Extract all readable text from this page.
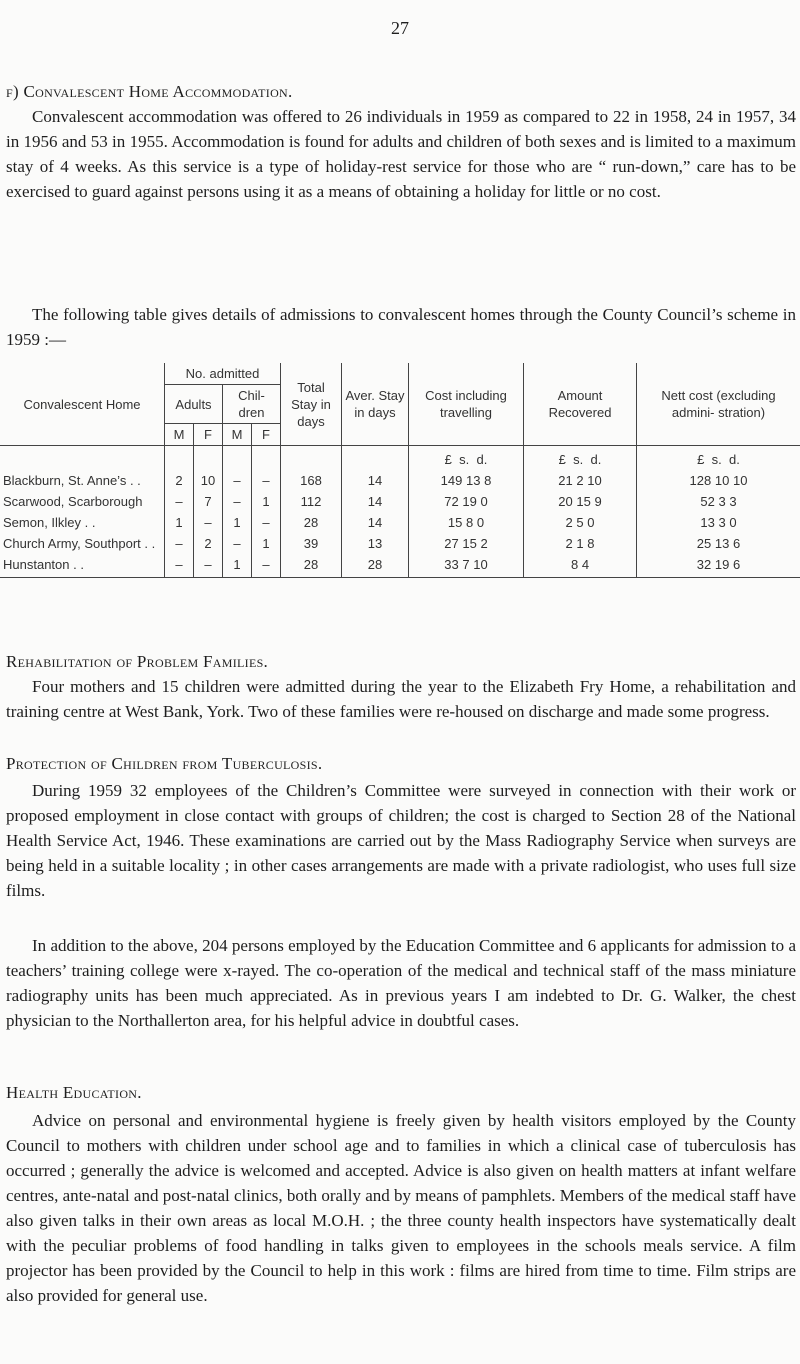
27
f) Convalescent Home Accommodation.
Convalescent accommodation was offered to 26 individuals in 1959 as compared to 22 in 1958, 24 in 1957, 34 in 1956 and 53 in 1955. Accommodation is found for adults and children of both sexes and is limited to a maximum stay of 4 weeks. As this service is a type of holiday-rest service for those who are “ run-down,” care has to be exercised to guard against persons using it as a means of obtaining a holiday for little or no cost.
The following table gives details of admissions to convalescent homes through the County Council’s scheme in 1959 :—
Convalescent Home	No. admitted				Total Stay in days	Aver. Stay in days	Cost including travelling	Amount Recovered	Nett cost (excluding admini- stration)
	Adults		Chil- dren						
	M	F	M	F					
							£ s. d.	£ s. d.	£ s. d.
Blackburn, St. Anne’s . .	2	10	–	–	168	14	149 13 8	21 2 10	128 10 10
Scarwood, Scarborough	–	7	–	1	112	14	72 19 0	20 15 9	52 3 3
Semon, Ilkley . .	1	–	1	–	28	14	15 8 0	2 5 0	13 3 0
Church Army, Southport . .	–	2	–	1	39	13	27 15 2	2 1 8	25 13 6
Hunstanton . .	–	–	1	–	28	28	33 7 10	8 4	32 19 6
Rehabilitation of Problem Families.
Four mothers and 15 children were admitted during the year to the Elizabeth Fry Home, a rehabilitation and training centre at West Bank, York. Two of these families were re-housed on discharge and made some progress.
Protection of Children from Tuberculosis.
During 1959 32 employees of the Children’s Committee were surveyed in connection with their work or proposed employment in close contact with groups of children; the cost is charged to Section 28 of the National Health Service Act, 1946. These examinations are carried out by the Mass Radiography Service when surveys are being held in a suitable locality ; in other cases arrangements are made with a private radiologist, who uses full size films.
In addition to the above, 204 persons employed by the Education Committee and 6 applicants for admission to a teachers’ training college were x-rayed. The co-operation of the medical and technical staff of the mass miniature radiography units has been much appreciated. As in previous years I am indebted to Dr. G. Walker, the chest physician to the Northallerton area, for his helpful advice in doubtful cases.
Health Education.
Advice on personal and environmental hygiene is freely given by health visitors employed by the County Council to mothers with children under school age and to families in which a clinical case of tuberculosis has occurred ; generally the advice is welcomed and accepted. Advice is also given on health matters at infant welfare centres, ante-natal and post-natal clinics, both orally and by means of pamphlets. Members of the medical staff have also given talks in their own areas as local M.O.H. ; the three county health inspectors have systematically dealt with the peculiar problems of food handling in talks given to employees in the schools meals service. A film projector has been provided by the Council to help in this work : films are hired from time to time. Film strips are also provided for general use.
